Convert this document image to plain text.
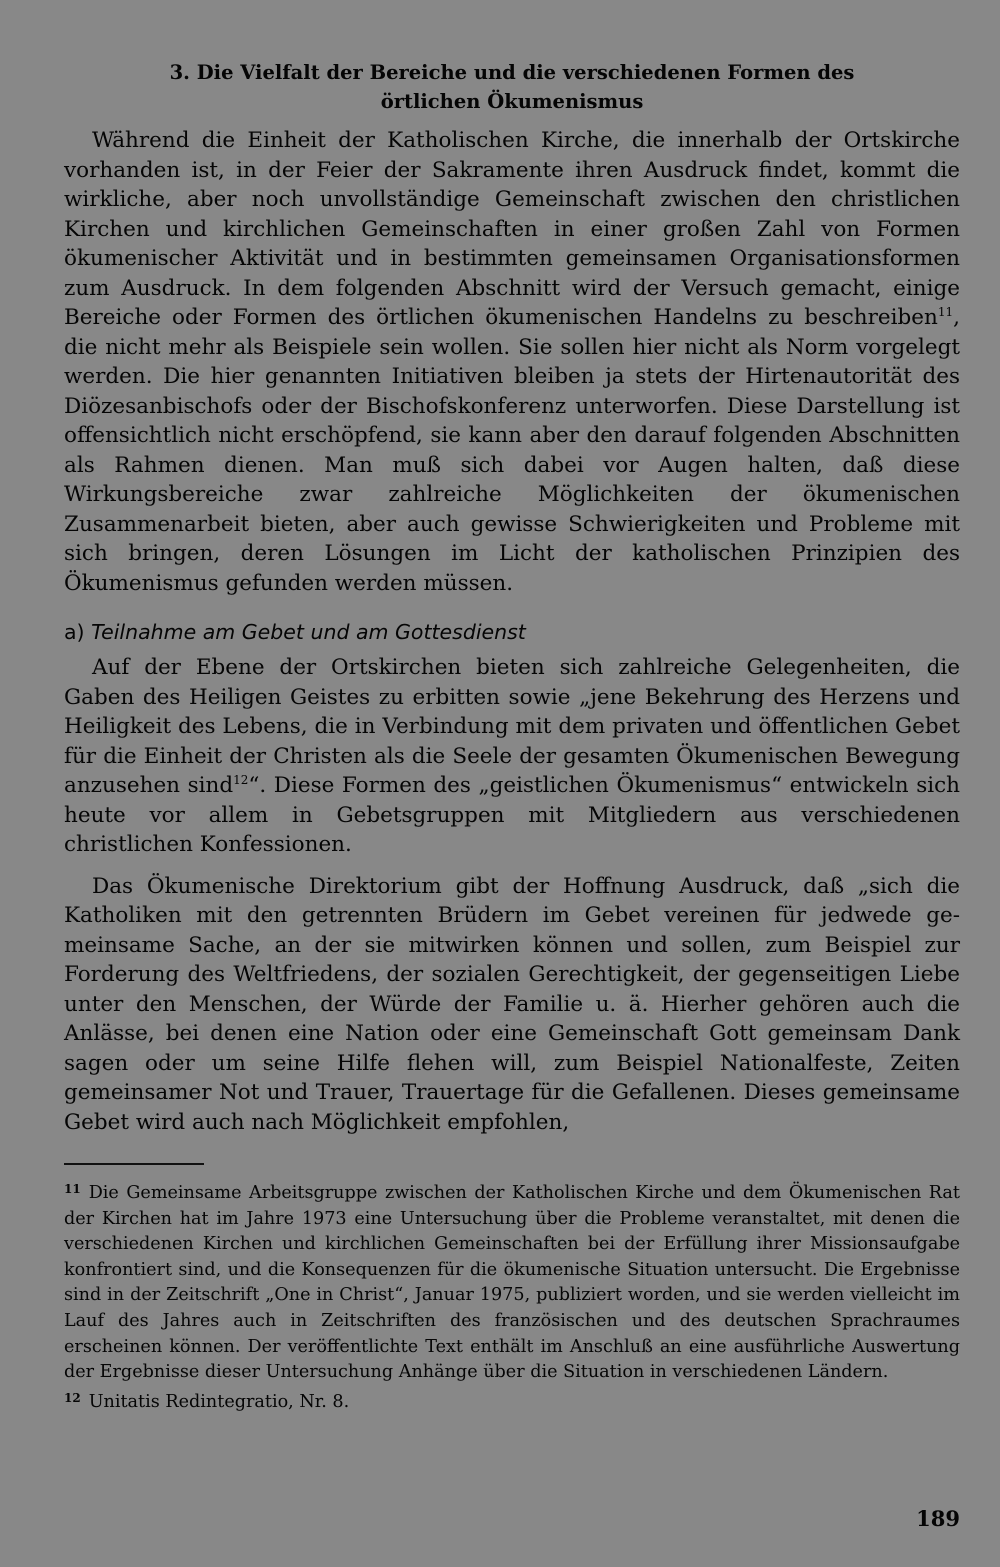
3. Die Vielfalt der Bereiche und die verschiedenen Formen des
örtlichen Ökumenismus

Während die Einheit der Katholischen Kirche, die innerhalb der Ortskirche vorhanden ist, in der Feier der Sakramente ihren Ausdruck findet, kommt die wirkliche, aber noch unvollständige Gemeinschaft zwischen den christlichen Kirchen und kirchlichen Gemeinschaften in einer großen Zahl von Formen ökumenischer Aktivität und in bestimmten gemeinsamen Organisationsformen zum Ausdruck. In dem folgenden Abschnitt wird der Versuch gemacht, einige Bereiche oder Formen des örtlichen ökumenischen Handelns zu beschreiben$^{11}$, die nicht mehr als Beispiele sein wollen. Sie sollen hier nicht als Norm vorgelegt werden. Die hier genannten Initiativen bleiben ja stets der Hirtenautorität des Diözesanbischofs oder der Bischofskonferenz unterworfen. Diese Darstellung ist offensichtlich nicht erschöpfend, sie kann aber den darauf folgenden Abschnitten als Rahmen dienen. Man muß sich dabei vor Augen halten, daß diese Wirkungsbereiche zwar zahlreiche Möglichkeiten der ökumenischen Zusammenarbeit bieten, aber auch gewisse Schwierigkeiten und Probleme mit sich bringen, deren Lösungen im Licht der katholischen Prinzipien des Ökumenismus gefunden werden müssen.

a) Teilnahme am Gebet und am Gottesdienst

Auf der Ebene der Ortskirchen bieten sich zahlreiche Gelegenheiten, die Gaben des Heiligen Geistes zu erbitten sowie „jene Bekehrung des Herzens und Heiligkeit des Lebens, die in Verbindung mit dem privaten und öffentlichen Gebet für die Einheit der Christen als die Seele der gesamten Ökumenischen Bewegung anzusehen sind$^{12}$“. Diese Formen des „geistlichen Ökumenismus“ entwickeln sich heute vor allem in Gebetsgruppen mit Mitgliedern aus verschiedenen christlichen Konfessionen.

Das Ökumenische Direktorium gibt der Hoffnung Ausdruck, daß „sich die Katholiken mit den getrennten Brüdern im Gebet vereinen für jedwede gemeinsame Sache, an der sie mitwirken können und sollen, zum Beispiel zur Forderung des Weltfriedens, der sozialen Gerechtigkeit, der gegenseitigen Liebe unter den Menschen, der Würde der Familie u. ä. Hierher gehören auch die Anlässe, bei denen eine Nation oder eine Gemeinschaft Gott gemeinsam Dank sagen oder um seine Hilfe flehen will, zum Beispiel Nationalfeste, Zeiten gemeinsamer Not und Trauer, Trauertage für die Gefallenen. Dieses gemeinsame Gebet wird auch nach Möglichkeit empfohlen,

$^{11}$ Die Gemeinsame Arbeitsgruppe zwischen der Katholischen Kirche und dem Ökumenischen Rat der Kirchen hat im Jahre 1973 eine Untersuchung über die Probleme veranstaltet, mit denen die verschiedenen Kirchen und kirchlichen Gemeinschaften bei der Erfüllung ihrer Missionsaufgabe konfrontiert sind, und die Konsequenzen für die ökumenische Situation untersucht. Die Ergebnisse sind in der Zeitschrift „One in Christ“, Januar 1975, publiziert worden, und sie werden vielleicht im Lauf des Jahres auch in Zeitschriften des französischen und des deutschen Sprachraumes erscheinen können. Der veröffentlichte Text enthält im Anschluß an eine ausführliche Auswertung der Ergebnisse dieser Untersuchung Anhänge über die Situation in verschiedenen Ländern.

$^{12}$ Unitatis Redintegratio, Nr. 8.

189
